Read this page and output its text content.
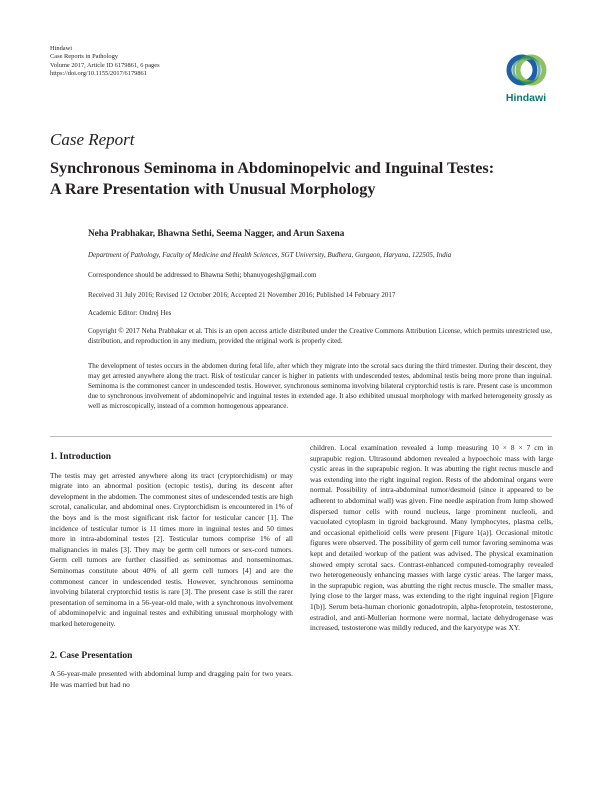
Hindawi
Case Reports in Pathology
Volume 2017, Article ID 6179861, 6 pages
https://doi.org/10.1155/2017/6179861
Hindawi
Case Report
Synchronous Seminoma in Abdominopelvic and Inguinal Testes:
A Rare Presentation with Unusual Morphology
Neha Prabhakar, Bhawna Sethi, Seema Nagger, and Arun Saxena
Department of Pathology, Faculty of Medicine and Health Sciences, SGT University, Budhera, Gurgaon, Haryana, 122505, India
Correspondence should be addressed to Bhawna Sethi; bhanuyogesh@gmail.com
Received 31 July 2016; Revised 12 October 2016; Accepted 21 November 2016; Published 14 February 2017
Academic Editor: Ondrej Hes
Copyright © 2017 Neha Prabhakar et al. This is an open access article distributed under the Creative Commons Attribution License, which permits unrestricted use, distribution, and reproduction in any medium, provided the original work is properly cited.
The development of testes occurs in the abdomen during fetal life, after which they migrate into the scrotal sacs during the third trimester. During their descent, they may get arrested anywhere along the tract. Risk of testicular cancer is higher in patients with undescended testes, abdominal testis being more prone than inguinal. Seminoma is the commonest cancer in undescended testis. However, synchronous seminoma involving bilateral cryptorchid testis is rare. Present case is uncommon due to synchronous involvement of abdominopelvic and inguinal testes in extended age. It also exhibited unusual morphology with marked heterogeneity grossly as well as microscopically, instead of a common homogenous appearance.
1. Introduction

The testis may get arrested anywhere along its tract (cryptorchidism) or may migrate into an abnormal position (ectopic testis), during its descent after development in the abdomen. The commonest sites of undescended testis are high scrotal, canalicular, and abdominal ones. Cryptorchidism is encountered in 1% of the boys and is the most significant risk factor for testicular cancer [1]. The incidence of testicular tumor is 11 times more in inguinal testes and 50 times more in intra-abdominal testes [2]. Testicular tumors comprise 1% of all malignancies in males [3]. They may be germ cell tumors or sex-cord tumors. Germ cell tumors are further classified as seminomas and nonseminomas. Seminomas constitute about 40% of all germ cell tumors [4] and are the commonest cancer in undescended testis. However, synchronous seminoma involving bilateral cryptorchid testis is rare [3]. The present case is still the rarer presentation of seminoma in a 56-year-old male, with a synchronous involvement of abdominopelvic and inguinal testes and exhibiting unusual morphology with marked heterogeneity.

2. Case Presentation

A 56-year-male presented with abdominal lump and dragging pain for two years. He was married but had no

children. Local examination revealed a lump measuring 10 × 8 × 7 cm in suprapubic region. Ultrasound abdomen revealed a hypoechoic mass with large cystic areas in the suprapubic region. It was abutting the right rectus muscle and was extending into the right inguinal region. Rests of the abdominal organs were normal. Possibility of intra-abdominal tumor/desmoid (since it appeared to be adherent to abdominal wall) was given. Fine needle aspiration from lump showed dispersed tumor cells with round nucleus, large prominent nucleoli, and vacuolated cytoplasm in tigroid background. Many lymphocytes, plasma cells, and occasional epithelioid cells were present [Figure 1(a)]. Occasional mitotic figures were observed. The possibility of germ cell tumor favoring seminoma was kept and detailed workup of the patient was advised. The physical examination showed empty scrotal sacs. Contrast-enhanced computed-tomography revealed two heterogeneously enhancing masses with large cystic areas. The larger mass, in the suprapubic region, was abutting the right rectus muscle. The smaller mass, lying close to the larger mass, was extending to the right inguinal region [Figure 1(b)]. Serum beta-human chorionic gonadotropin, alpha-fetoprotein, testosterone, estradiol, and anti-Mullerian hormone were normal, lactate dehydrogenase was increased, testosterone was mildly reduced, and the karyotype was XY.
